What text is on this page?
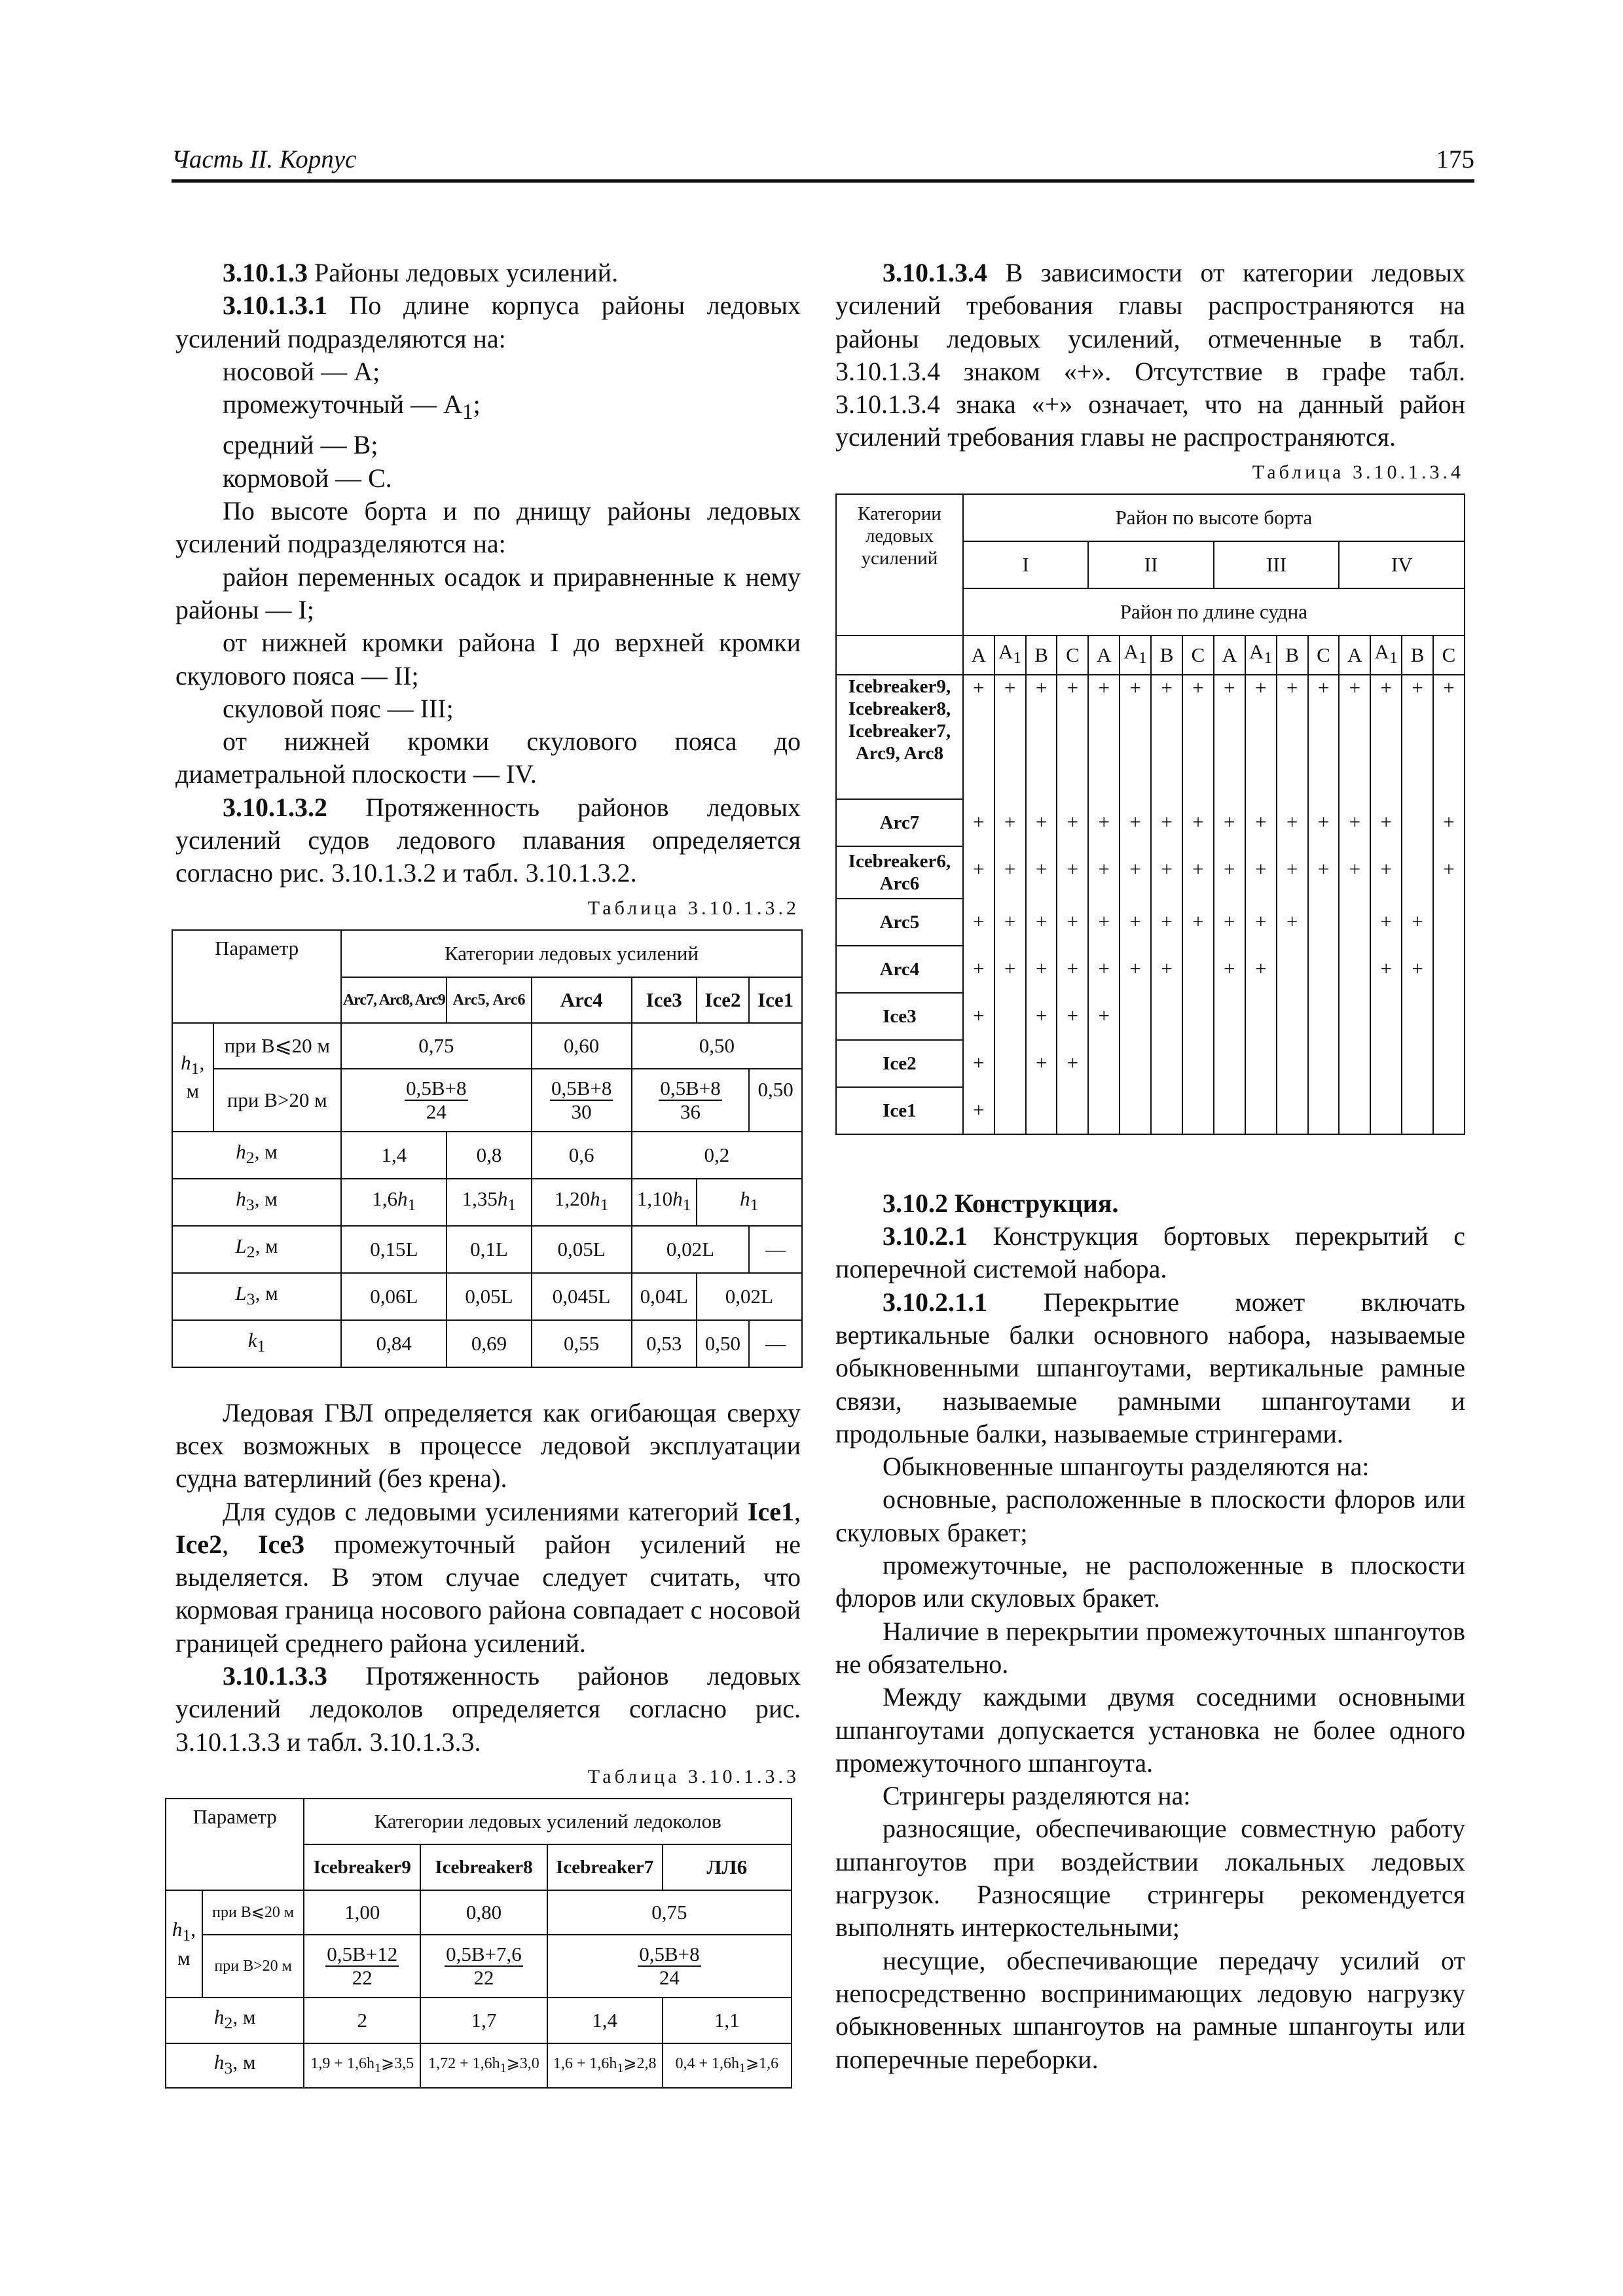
Часть II. Корпус	175

3.10.1.3 Районы ледовых усилений.

3.10.1.3.1 По длине корпуса районы ледовых усилений подразделяются на:

носовой — A;

промежуточный — $A_1$;

средний — B;

кормовой — C.

По высоте борта и по днищу районы ледовых усилений подразделяются на:

район переменных осадок и приравненные к нему районы — I;

от нижней кромки района I до верхней кромки скулового пояса — II;

скуловой пояс — III;

от нижней кромки скулового пояса до диаметральной плоскости — IV.

3.10.1.3.2 Протяженность районов ледовых усилений судов ледового плавания определяется согласно рис. 3.10.1.3.2 и табл. 3.10.1.3.2.

Таблица 3.10.1.3.2
Параметр		Категории ледовых усилений					
		Arc7, Arc8, Arc9	Arc5, Arc6	Arc4	Ice3	Ice2	Ice1
$h_1$, м	при B⩽20 м	0,75		0,60	0,50		
	при B>20 м	$\frac{0,5B+8}{24}$		$\frac{0,5B+8}{30}$	$\frac{0,5B+8}{36}$		0,50
$h_2$, м		1,4	0,8	0,6	0,2		
$h_3$, м		$1,6h_1$	$1,35h_1$	$1,20h_1$	$1,10h_1$	$h_1$
$L_2$, м		0,15L	0,1L	0,05L	0,02L		—
$L_3$, м		0,06L	0,05L	0,045L	0,04L	0,02L	
$k_1$		0,84	0,69	0,55	0,53	0,50	—

Ледовая ГВЛ определяется как огибающая сверху всех возможных в процессе ледовой эксплуатации судна ватерлиний (без крена).

Для судов с ледовыми усилениями категорий Ice1, Ice2, Ice3 промежуточный район усилений не выделяется. В этом случае следует считать, что кормовая граница носового района совпадает с носовой границей среднего района усилений.

3.10.1.3.3 Протяженность районов ледовых усилений ледоколов определяется согласно рис. 3.10.1.3.3 и табл. 3.10.1.3.3.

Таблица 3.10.1.3.3
Параметр		Категории ледовых усилений ледоколов			
		Icebreaker9	Icebreaker8	Icebreaker7	ЛЛ6
$h_1$, м	при B⩽20 м	1,00	0,80	0,75	
	при B>20 м	$\frac{0,5B+12}{22}$	$\frac{0,5B+7,6}{22}$	$\frac{0,5B+8}{24}$

$h_2$, м		2	1,7	1,4	1,1
$h_3$, м		$1,9 + 1,6h_1⩾3,5$	$1,72 + 1,6h_1⩾3,0$	$1,6 + 1,6h_1⩾2,8$	$0,4 + 1,6h_1⩾1,6$

3.10.1.3.4 В зависимости от категории ледовых усилений требования главы распространяются на районы ледовых усилений, отмеченные в табл. 3.10.1.3.4 знаком «+». Отсутствие в графе табл. 3.10.1.3.4 знака «+» означает, что на данный район усилений требования главы не распространяются.

Таблица 3.10.1.3.4
Категории ледовых усилений	Район по высоте борта															
	I				II				III				IV			
	Район по длине судна															
	A	$A_1$	B	C	A	$A_1$	B	C	A	$A_1$	B	C	A	$A_1$	B	C
Icebreaker9, Icebreaker8, Icebreaker7, Arc9, Arc8	+	+	+	+	+	+	+	+	+	+	+	+	+	+	+	+
Arc7	+	+	+	+	+	+	+	+	+	+	+	+	+	+		+
Icebreaker6, Arc6	+	+	+	+	+	+	+	+	+	+	+	+	+	+		+
Arc5	+	+	+	+	+	+	+	+	+	+	+			+	+	
Arc4	+	+	+	+	+	+	+		+	+				+	+	
Ice3	+		+	+	+											
Ice2	+		+	+												
Ice1	+															

3.10.2 Конструкция.

3.10.2.1 Конструкция бортовых перекрытий с поперечной системой набора.

3.10.2.1.1 Перекрытие может включать вертикальные балки основного набора, называемые обыкновенными шпангоутами, вертикальные рамные связи, называемые рамными шпангоутами и продольные балки, называемые стрингерами.

Обыкновенные шпангоуты разделяются на:

основные, расположенные в плоскости флоров или скуловых бракет;

промежуточные, не расположенные в плоскости флоров или скуловых бракет.

Наличие в перекрытии промежуточных шпангоутов не обязательно.

Между каждыми двумя соседними основными шпангоутами допускается установка не более одного промежуточного шпангоута.

Стрингеры разделяются на:

разносящие, обеспечивающие совместную работу шпангоутов при воздействии локальных ледовых нагрузок. Разносящие стрингеры рекомендуется выполнять интеркостельными;

несущие, обеспечивающие передачу усилий от непосредственно воспринимающих ледовую нагрузку обыкновенных шпангоутов на рамные шпангоуты или поперечные переборки.
